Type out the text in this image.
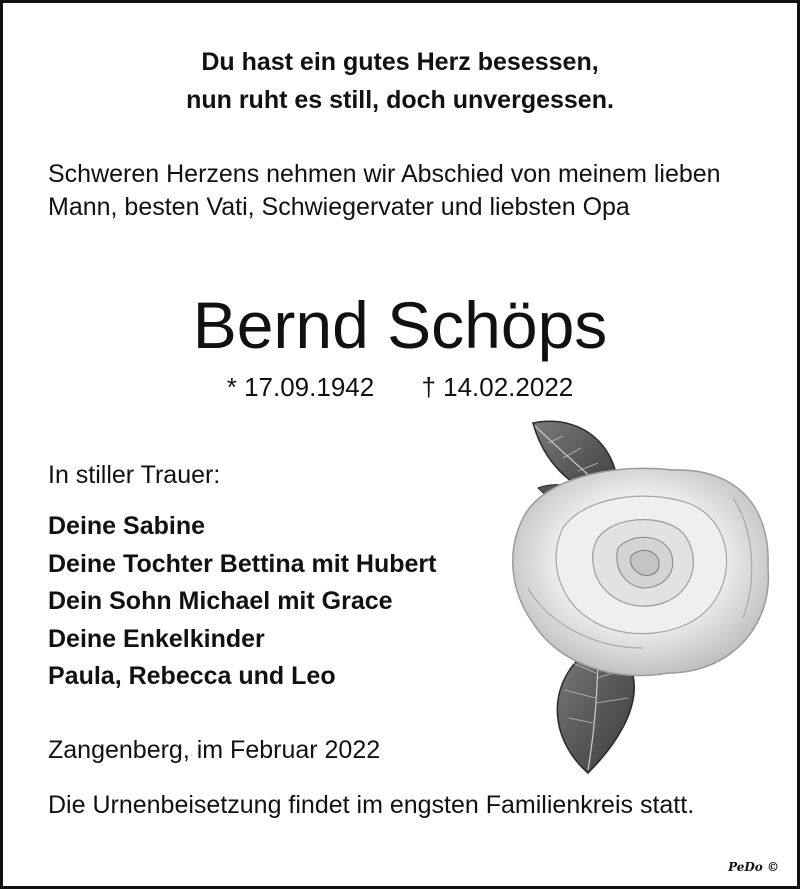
Du hast ein gutes Herz besessen,
nun ruht es still, doch unvergessen.

Schweren Herzens nehmen wir Abschied von meinem lieben Mann, besten Vati, Schwiegervater und liebsten Opa

Bernd Schöps
* 17.09.1942 † 14.02.2022

In stiller Trauer:

Deine Sabine
Deine Tochter Bettina mit Hubert
Dein Sohn Michael mit Grace
Deine Enkelkinder
Paula, Rebecca und Leo

Zangenberg, im Februar 2022

Die Urnenbeisetzung findet im engsten Familienkreis statt.

PeDo ©
